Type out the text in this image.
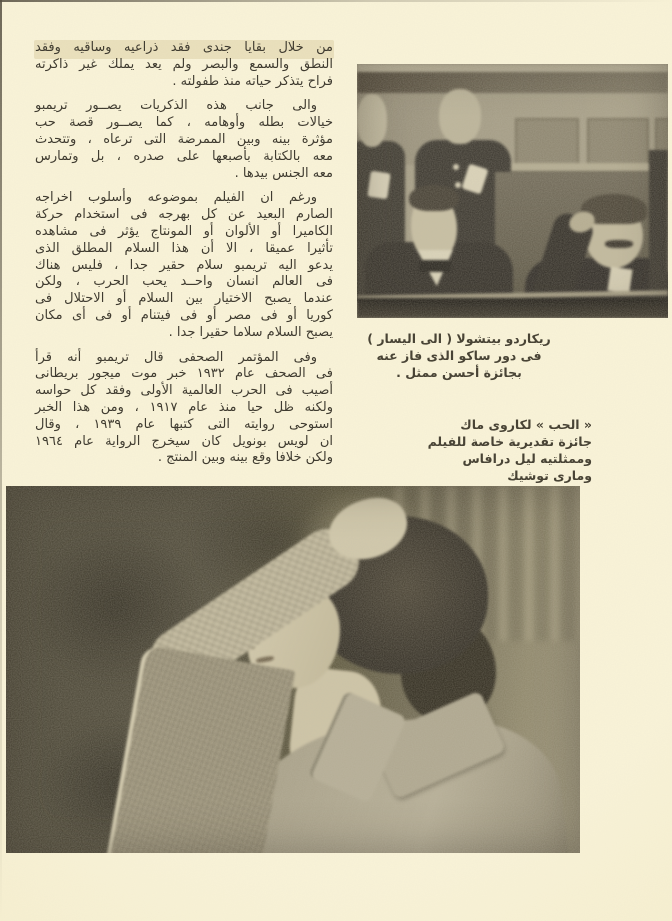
من خلال بقايا جندى فقد ذراعيه وساقيه وفقد
النطق والسمع والبصر ولم يعد يملك غير ذاكرته
فراح يتذكر حياته منذ طفولته .
والى جانب هذه الذكريات يصــور تريمبو
خيالات بطله وأوهامه ، كما يصــور قصة حب
مؤثرة بينه وبين الممرضة التى ترعاه ، وتتحدث
معه بالكتابة بأصبعها على صدره ، بل وتمارس
معه الجنس بيدها .
ورغم ان الفيلم بموضوعه وأسلوب اخراجه
الصارم البعيد عن كل بهرجه فى استخدام حركة
الكاميرا أو الألوان أو المونتاج يؤثر فى مشاهده
تأثيرا عميقا ، الا أن هذا السلام المطلق الذى
يدعو اليه تريمبو سلام حقير جدا ، فليس هناك
فى العالم انسان واحــد يحب الحرب ، ولكن
عندما يصبح الاختيار بين السلام أو الاحتلال فى
كوريا أو فى مصر أو فى فيتنام أو فى أى مكان
يصبح السلام سلاما حقيرا جدا .
وفى المؤتمر الصحفى قال تريمبو أنه قرأ
فى الصحف عام ١٩٣٢ خبر موت ميجور بريطانى
أصيب فى الحرب العالمية الأولى وفقد كل حواسه
ولكنه ظل حيا منذ عام ١٩١٧ ، ومن هذا الخبر
استوحى روايته التى كتبها عام ١٩٣٩ ، وقال
ان لويس بونويل كان سيخرج الرواية عام ١٩٦٤
ولكن خلافا وقع بينه وبين المنتج .
ريكاردو بيتشولا ( الى اليسار )
فى دور ساكو الذى فاز عنه
بجائزة أحسن ممثل .
« الحب » لكاروى ماك
جائزة تقديرية خاصة للفيلم
وممثلتيه ليل درافاس ومارى توشيك
